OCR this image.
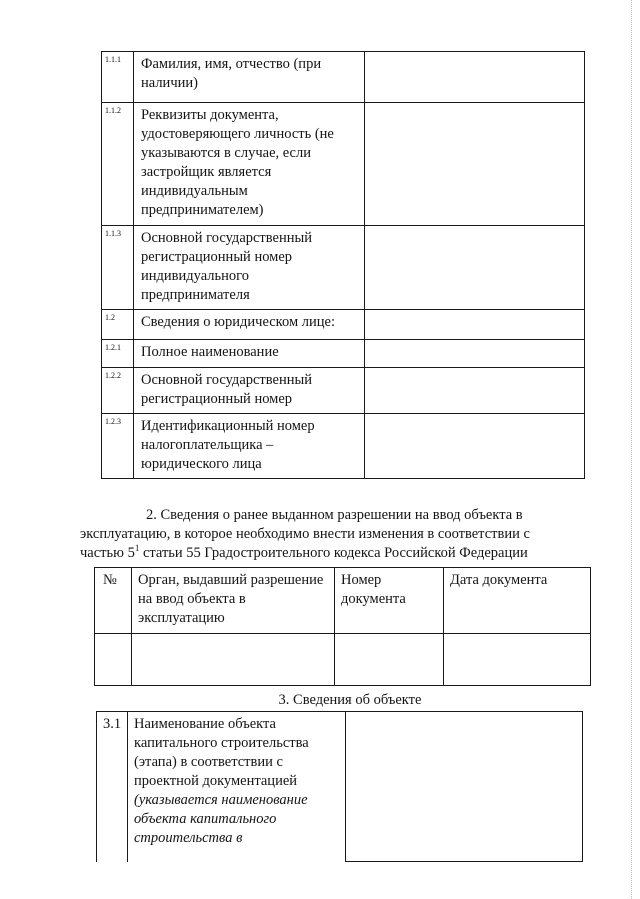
1.1.1	Фамилия, имя, отчество (при наличии)	
1.1.2	Реквизиты документа, удостоверяющего личность (не указываются в случае, если застройщик является индивидуальным предпринимателем)	
1.1.3	Основной государственный регистрационный номер индивидуального предпринимателя	
1.2	Сведения о юридическом лице:	
1.2.1	Полное наименование	
1.2.2	Основной государственный регистрационный номер	
1.2.3	Идентификационный номер налогоплательщика – юридического лица	
2. Сведения о ранее выданном разрешении на ввод объекта в
эксплуатацию, в которое необходимо внести изменения в соответствии с
частью $5^1$ статьи 55 Градостроительного кодекса Российской Федерации
№	Орган, выдавший разрешение на ввод объекта в эксплуатацию	Номер документа	Дата документа

3. Сведения об объекте
3.1	Наименование объекта капитального строительства (этапа) в соответствии с проектной документацией
(указывается наименование объекта капитального строительства в
